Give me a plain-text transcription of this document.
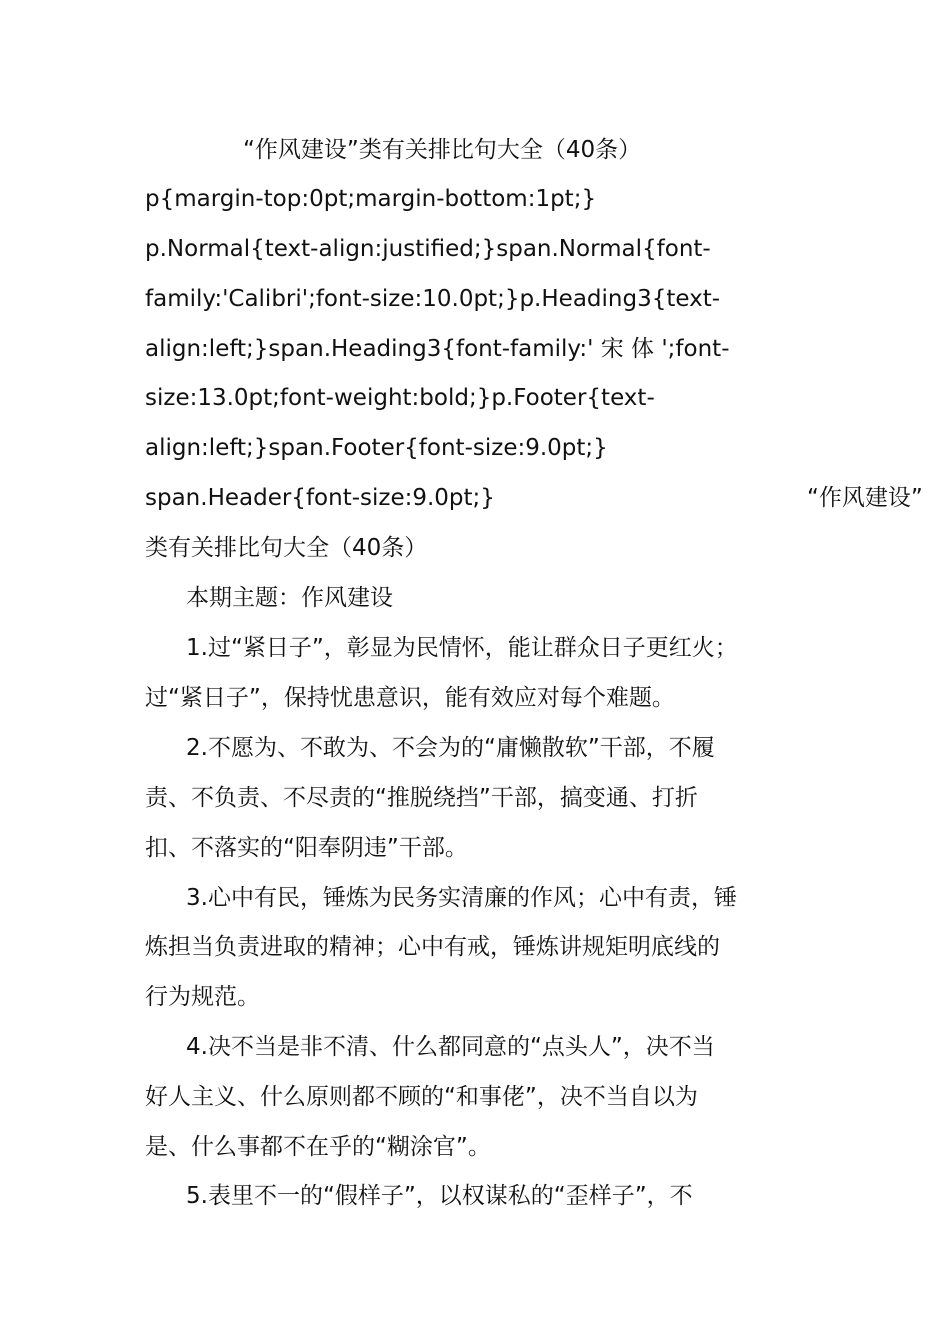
“作风建设”类有关排比句大全（40条）
p{margin-top:0pt;margin-bottom:1pt;}
p.Normal{text-align:justified;}span.Normal{font-
family:'Calibri';font-size:10.0pt;}p.Heading3{text-
align:left;}span.Heading3{font-family:' 宋 体 ';font-
size:13.0pt;font-weight:bold;}p.Footer{text-
align:left;}span.Footer{font-size:9.0pt;}
span.Header{font-size:9.0pt;}	“作风建设”
类有关排比句大全（40条）
本期主题：作风建设
1.过“紧日子”，彰显为民情怀，能让群众日子更红火；
过“紧日子”，保持忧患意识，能有效应对每个难题。
2.不愿为、不敢为、不会为的“庸懒散软”干部，不履
责、不负责、不尽责的“推脱绕挡”干部，搞变通、打折
扣、不落实的“阳奉阴违”干部。
3.心中有民，锤炼为民务实清廉的作风；心中有责，锤
炼担当负责进取的精神；心中有戒，锤炼讲规矩明底线的
行为规范。
4.决不当是非不清、什么都同意的“点头人”，决不当
好人主义、什么原则都不顾的“和事佬”，决不当自以为
是、什么事都不在乎的“糊涂官”。
5.表里不一的“假样子”，以权谋私的“歪样子”，不
